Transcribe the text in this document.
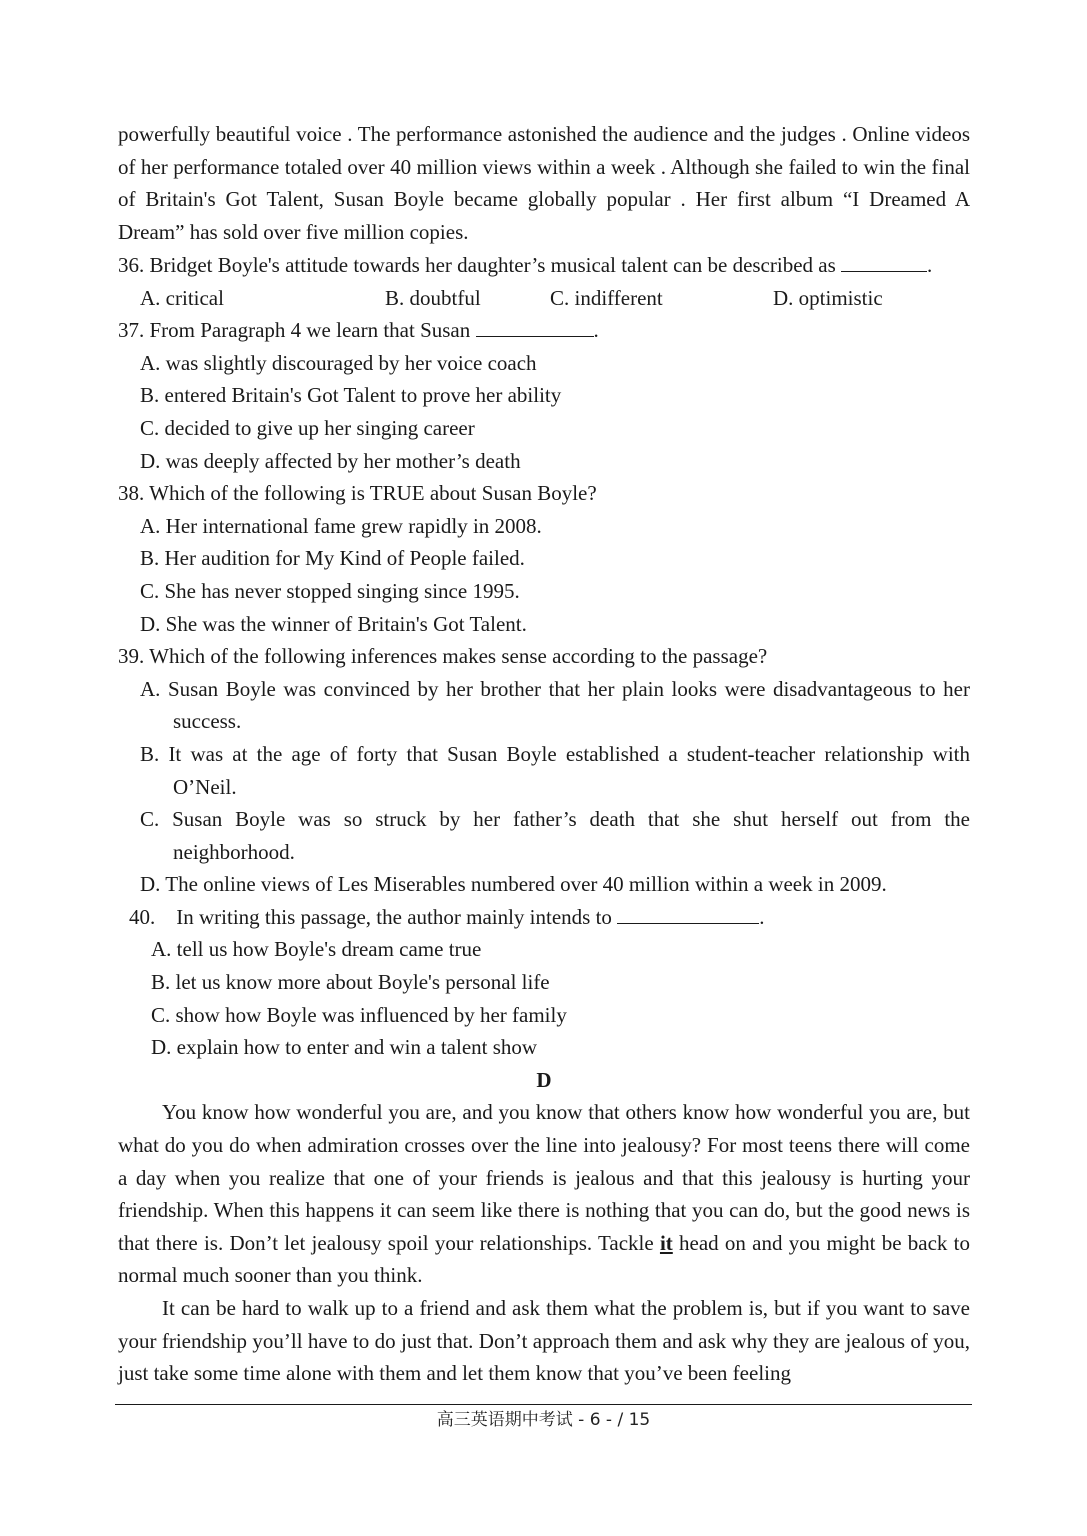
powerfully beautiful voice . The performance astonished the audience and the judges . Online videos of her performance totaled over 40 million views within a week . Although she failed to win the final of Britain's Got Talent, Susan Boyle became globally popular . Her first album “I Dreamed A Dream” has sold over five million copies.
36. Bridget Boyle's attitude towards her daughter’s musical talent can be described as	.
A. critical	B. doubtful	C. indifferent	D. optimistic
37. From Paragraph 4 we learn that Susan	.
A. was slightly discouraged by her voice coach
B. entered Britain's Got Talent to prove her ability
C. decided to give up her singing career
D. was deeply affected by her mother’s death
38. Which of the following is TRUE about Susan Boyle?
A. Her international fame grew rapidly in 2008.
B. Her audition for My Kind of People failed.
C. She has never stopped singing since 1995.
D. She was the winner of Britain's Got Talent.
39. Which of the following inferences makes sense according to the passage?
A. Susan Boyle was convinced by her brother that her plain looks were disadvantageous to her success.
B. It was at the age of forty that Susan Boyle established a student-teacher relationship with O’Neil.
C. Susan Boyle was so struck by her father’s death that she shut herself out from the neighborhood.
D. The online views of Les Miserables numbered over 40 million within a week in 2009.
40. In writing this passage, the author mainly intends to	.
A. tell us how Boyle's dream came true
B. let us know more about Boyle's personal life
C. show how Boyle was influenced by her family
D. explain how to enter and win a talent show
D
You know how wonderful you are, and you know that others know how wonderful you are, but what do you do when admiration crosses over the line into jealousy? For most teens there will come a day when you realize that one of your friends is jealous and that this jealousy is hurting your friendship. When this happens it can seem like there is nothing that you can do, but the good news is that there is. Don’t let jealousy spoil your relationships. Tackle it head on and you might be back to normal much sooner than you think.
It can be hard to walk up to a friend and ask them what the problem is, but if you want to save your friendship you’ll have to do just that. Don’t approach them and ask why they are jealous of you, just take some time alone with them and let them know that you’ve been feeling
高三英语期中考试 - 6 - / 15
